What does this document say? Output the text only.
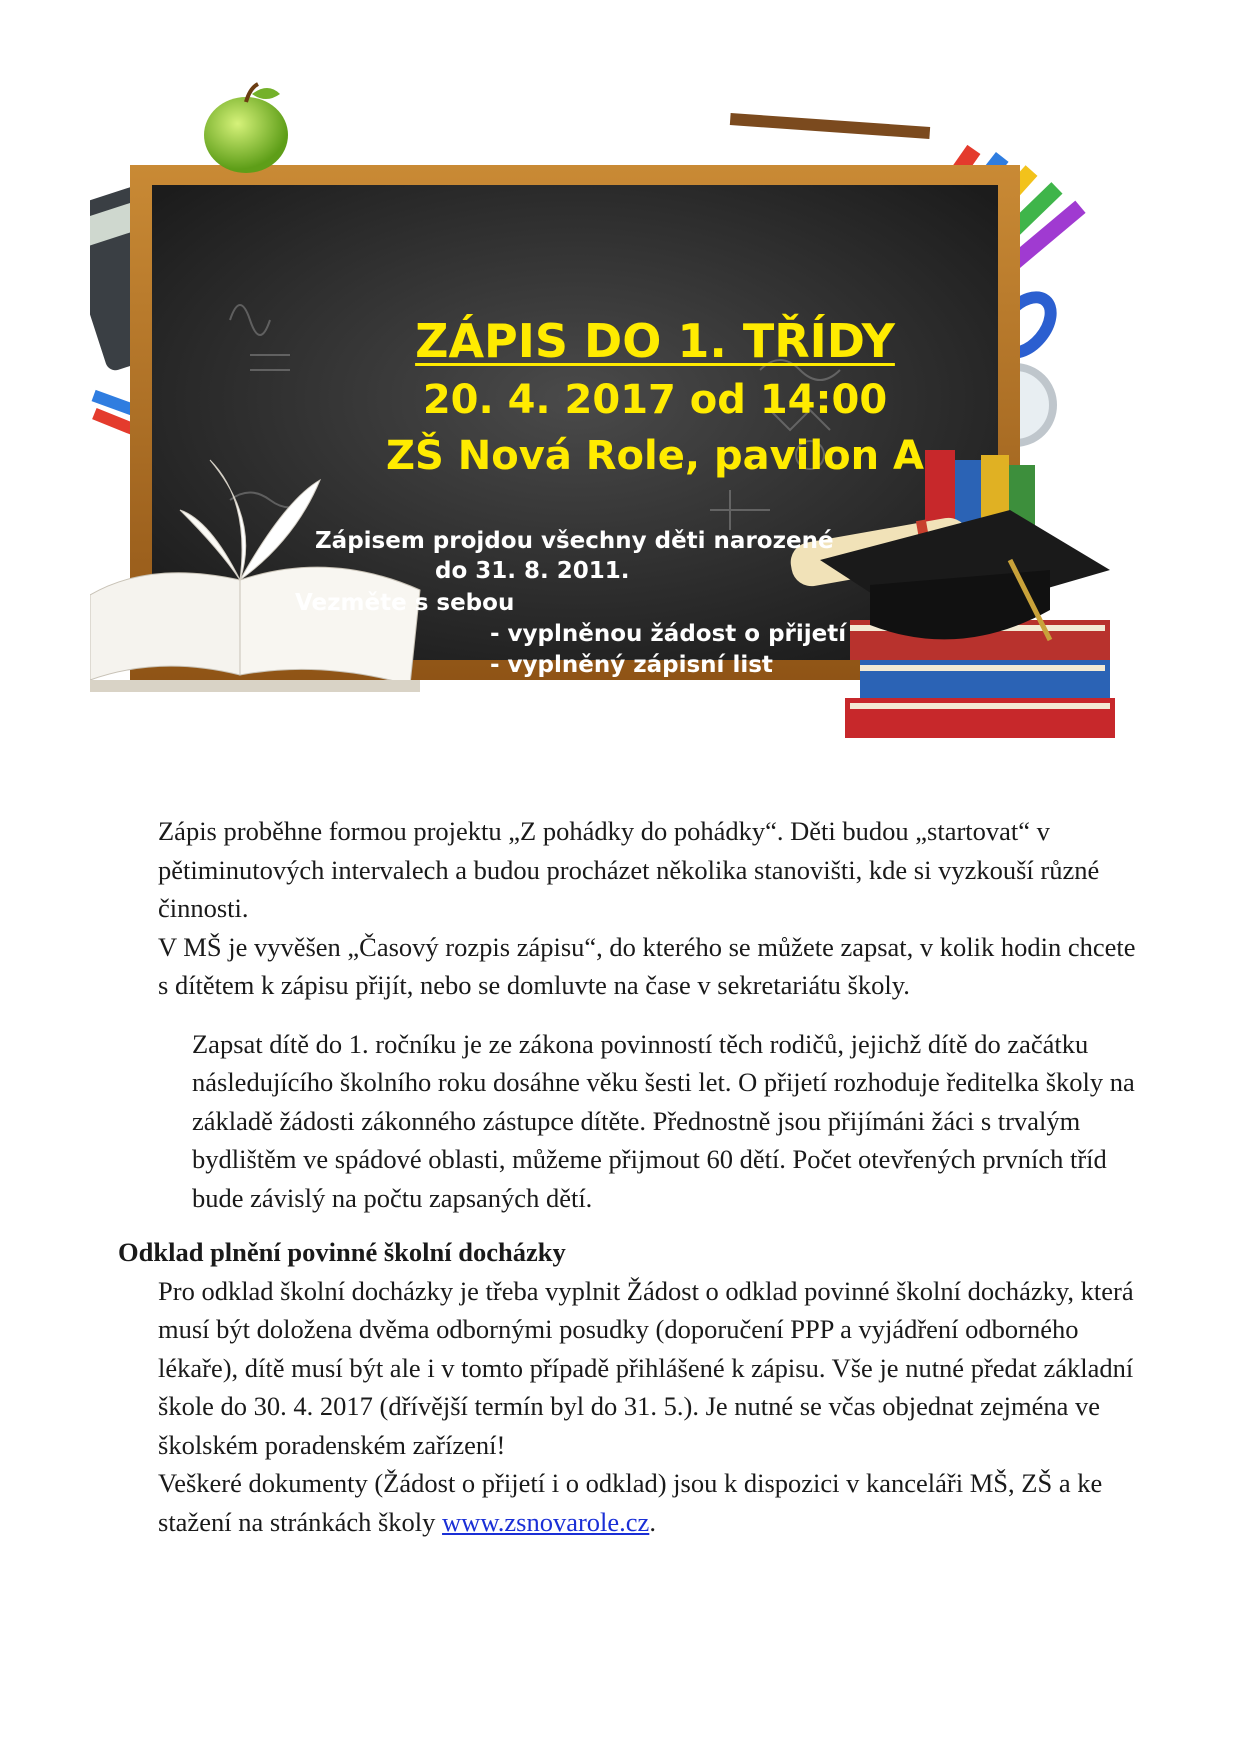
ZÁPIS DO 1. TŘÍDY
20. 4. 2017 od 14:00
ZŠ Nová Role, pavilon A
Zápisem projdou všechny děti narozené
do 31. 8. 2011.
Vezměte s sebou
- vyplněnou žádost o přijetí
- vyplněný zápisní list
- občanský průkaz
- rodný list dítěte

Zápis proběhne formou projektu „Z pohádky do pohádky“. Děti budou „startovat“ v pětiminutových intervalech a budou procházet několika stanovišti, kde si vyzkouší různé činnosti.

V MŠ je vyvěšen „Časový rozpis zápisu“, do kterého se můžete zapsat, v kolik hodin chcete s dítětem k zápisu přijít, nebo se domluvte na čase v sekretariátu školy.

Zapsat dítě do 1. ročníku je ze zákona povinností těch rodičů, jejichž dítě do začátku následujícího školního roku dosáhne věku šesti let. O přijetí rozhoduje ředitelka školy na základě žádosti zákonného zástupce dítěte. Přednostně jsou přijímáni žáci s trvalým bydlištěm ve spádové oblasti, můžeme přijmout 60 dětí. Počet otevřených prvních tříd bude závislý na počtu zapsaných dětí.

Odklad plnění povinné školní docházky

Pro odklad školní docházky je třeba vyplnit Žádost o odklad povinné školní docházky, která musí být doložena dvěma odbornými posudky (doporučení PPP a vyjádření odborného lékaře), dítě musí být ale i v tomto případě přihlášené k zápisu. Vše je nutné předat základní škole do 30. 4. 2017 (dřívější termín byl do 31. 5.). Je nutné se včas objednat zejména ve školském poradenském zařízení!

Veškeré dokumenty (Žádost o přijetí i o odklad) jsou k dispozici v kanceláři MŠ, ZŠ a ke stažení na stránkách školy www.zsnovarole.cz.
